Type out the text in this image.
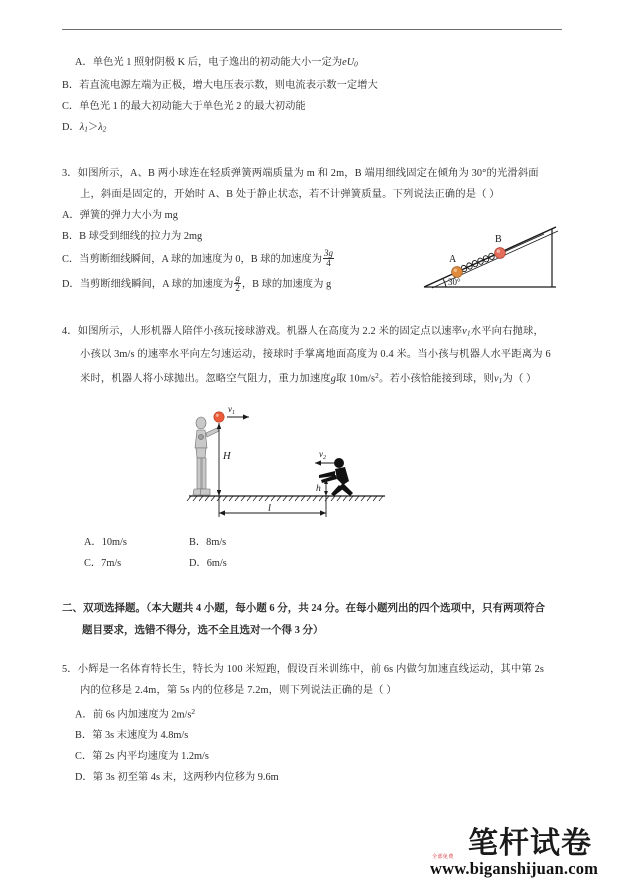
A．单色光 1 照射阴极 K 后，电子逸出的初动能大小一定为$eU_0$
B．若直流电源左端为正极，增大电压表示数，则电流表示数一定增大
C．单色光 1 的最大初动能大于单色光 2 的最大初动能
D．$\lambda_1>\lambda_2$
3．如图所示，A、B 两小球连在轻质弹簧两端质量为 m 和 2m，B 端用细线固定在倾角为 30°的光滑斜面
上，斜面是固定的，开始时 A、B 处于静止状态，若不计弹簧质量。下列说法正确的是（ ）
A．弹簧的弹力大小为 mg
B．B 球受到细线的拉力为 2mg
C．当剪断细线瞬间，A 球的加速度为 0，B 球的加速度为 $\frac{3g}{4}$
D．当剪断细线瞬间，A 球的加速度为 $\frac{g}{2}$ ，B 球的加速度为 g
A
B
30°
4．如图所示，人形机器人陪伴小孩玩接球游戏。机器人在高度为 2.2 米的固定点以速率$v_1$水平向右抛球，
小孩以 3m/s 的速率水平向左匀速运动，接球时手掌离地面高度为 0.4 米。当小孩与机器人水平距离为 6
米时，机器人将小球抛出。忽略空气阻力，重力加速度g取 $10m/s^2$。若小孩恰能接到球，则$v_1$为（ ）
$v_1$
H	$v_2$
h
l
A．10m/s	B．8m/s
C．7m/s	D．6m/s
二、双项选择题。（本大题共 4 小题，每小题 6 分，共 24 分。在每小题列出的四个选项中，只有两项符合
题目要求，选错不得分，选不全且选对一个得 3 分）
5．小辉是一名体育特长生，特长为 100 米短跑，假设百米训练中，前 6s 内做匀加速直线运动，其中第 2s
内的位移是 2.4m，第 5s 内的位移是 7.2m，则下列说法正确的是（ ）
A．前 6s 内加速度为 $2m/s^2$
B．第 3s 末速度为 4.8m/s
C．第 2s 内平均速度为 1.2m/s
D．第 3s 初至第 4s 末，这两秒内位移为 9.6m
笔杆试卷
全部免费
www.biganshijuan.com
